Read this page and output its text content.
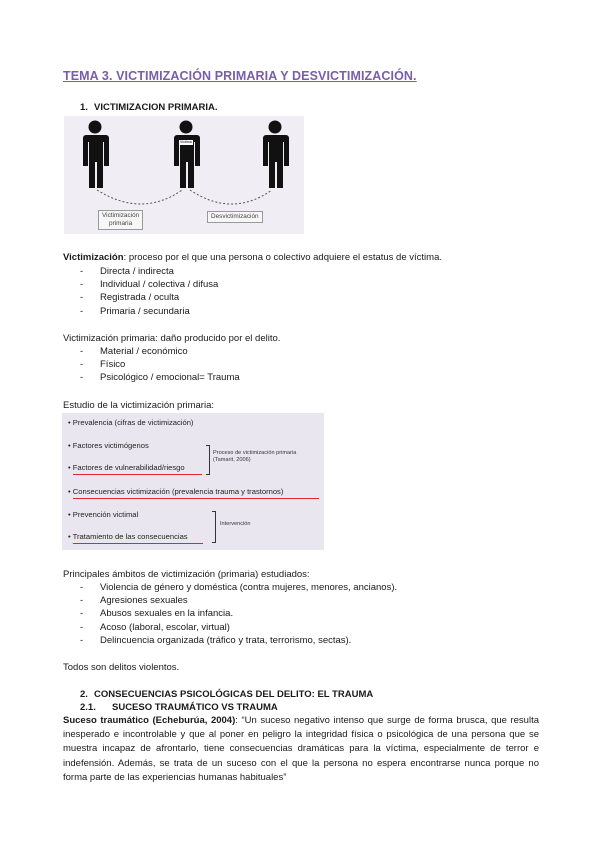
TEMA 3. VICTIMIZACIÓN PRIMARIA Y DESVICTIMIZACIÓN.
1. VICTIMIZACION PRIMARIA.
Víctima
Victimización
primaria
Desvictimización
Victimización: proceso por el que una persona o colectivo adquiere el estatus de víctima.
- Directa / indirecta
- Individual / colectiva / difusa
- Registrada / oculta
- Primaria / secundaria
Victimización primaria: daño producido por el delito.
- Material / económico
- Físico
- Psicológico / emocional= Trauma
Estudio de la victimización primaria:
• Prevalencia (cifras de victimización)
• Factores victimógenos
• Factores de vulnerabilidad/riesgo
• Consecuencias victimización (prevalencia trauma y trastornos)
• Prevención victimal
• Tratamiento de las consecuencias
Proceso de victimización primaria
(Tamarit, 2006)
Intervención
Principales ámbitos de victimización (primaria) estudiados:
- Violencia de género y doméstica (contra mujeres, menores, ancianos).
- Agresiones sexuales
- Abusos sexuales en la infancia.
- Acoso (laboral, escolar, virtual)
- Delincuencia organizada (tráfico y trata, terrorismo, sectas).
Todos son delitos violentos.
2. CONSECUENCIAS PSICOLÓGICAS DEL DELITO: EL TRAUMA
2.1. SUCESO TRAUMÁTICO VS TRAUMA
Suceso traumático (Echeburúa, 2004): “Un suceso negativo intenso que surge de forma brusca, que resulta inesperado e incontrolable y que al poner en peligro la integridad física o psicológica de una persona que se muestra incapaz de afrontarlo, tiene consecuencias dramáticas para la víctima, especialmente de terror e indefensión. Además, se trata de un suceso con el que la persona no espera encontrarse nunca porque no forma parte de las experiencias humanas habituales”
